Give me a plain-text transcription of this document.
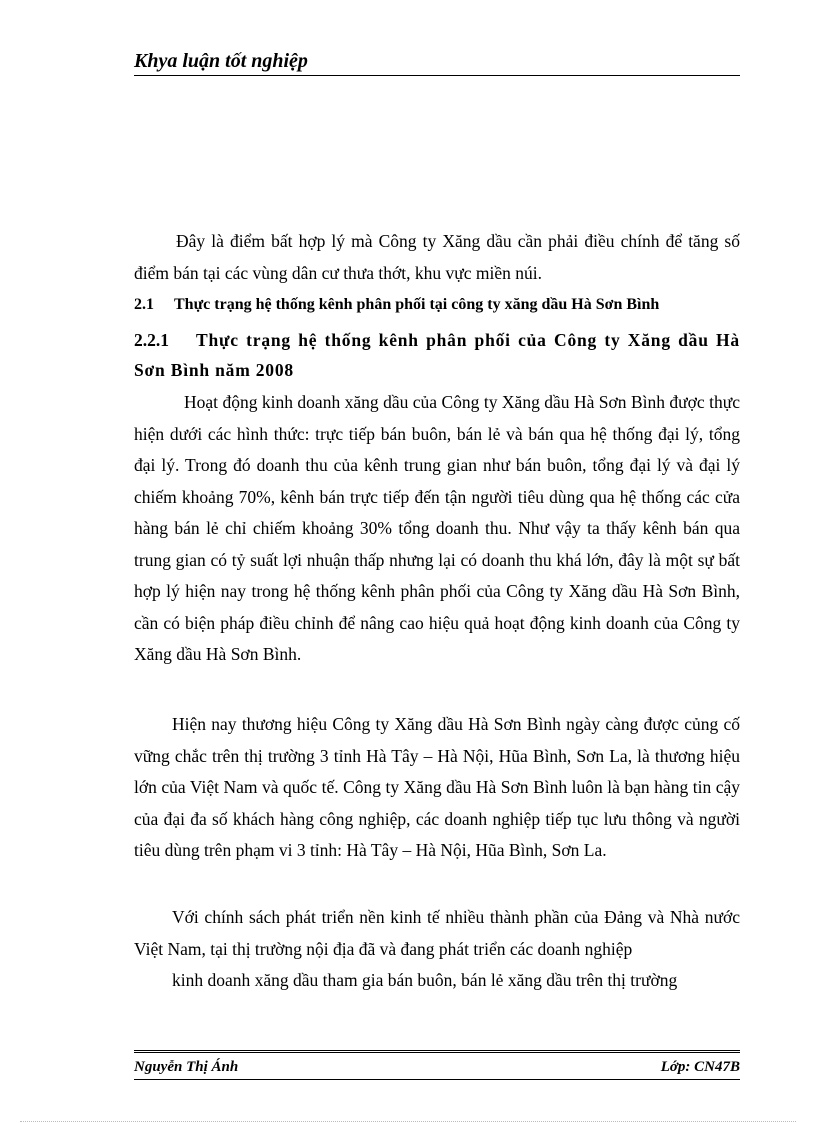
Khya luận tốt nghiệp
Đây là điểm bất hợp lý mà Công ty Xăng dầu cần phải điều chính để tăng số điểm bán tại các vùng dân cư thưa thớt, khu vực miền núi.
2.1 Thực trạng hệ thống kênh phân phối tại công ty xăng dầu Hà Sơn Bình
2.2.1 Thực trạng hệ thống kênh phân phối của Công ty Xăng dầu Hà Sơn Bình năm 2008
Hoạt động kinh doanh xăng dầu của Công ty Xăng dầu Hà Sơn Bình được thực hiện dưới các hình thức: trực tiếp bán buôn, bán lẻ và bán qua hệ thống đại lý, tổng đại lý. Trong đó doanh thu của kênh trung gian như bán buôn, tổng đại lý và đại lý chiếm khoảng 70%, kênh bán trực tiếp đến tận người tiêu dùng qua hệ thống các cửa hàng bán lẻ chỉ chiếm khoảng 30% tổng doanh thu. Như vậy ta thấy kênh bán qua trung gian có tỷ suất lợi nhuận thấp nhưng lại có doanh thu khá lớn, đây là một sự bất hợp lý hiện nay trong hệ thống kênh phân phối của Công ty Xăng dầu Hà Sơn Bình, cần có biện pháp điều chỉnh để nâng cao hiệu quả hoạt động kinh doanh của Công ty Xăng dầu Hà Sơn Bình.
Hiện nay thương hiệu Công ty Xăng dầu Hà Sơn Bình ngày càng được củng cố vững chắc trên thị trường 3 tỉnh Hà Tây – Hà Nội, Hũa Bình, Sơn La, là thương hiệu lớn của Việt Nam và quốc tế. Công ty Xăng dầu Hà Sơn Bình luôn là bạn hàng tin cậy của đại đa số khách hàng công nghiệp, các doanh nghiệp tiếp tục lưu thông và người tiêu dùng trên phạm vi 3 tỉnh: Hà Tây – Hà Nội, Hũa Bình, Sơn La.
Với chính sách phát triển nền kinh tế nhiều thành phần của Đảng và Nhà nước Việt Nam, tại thị trường nội địa đã và đang phát triển các doanh nghiệp
kinh doanh xăng dầu tham gia bán buôn, bán lẻ xăng dầu trên thị trường
Nguyễn Thị Ánh	Lớp: CN47B
